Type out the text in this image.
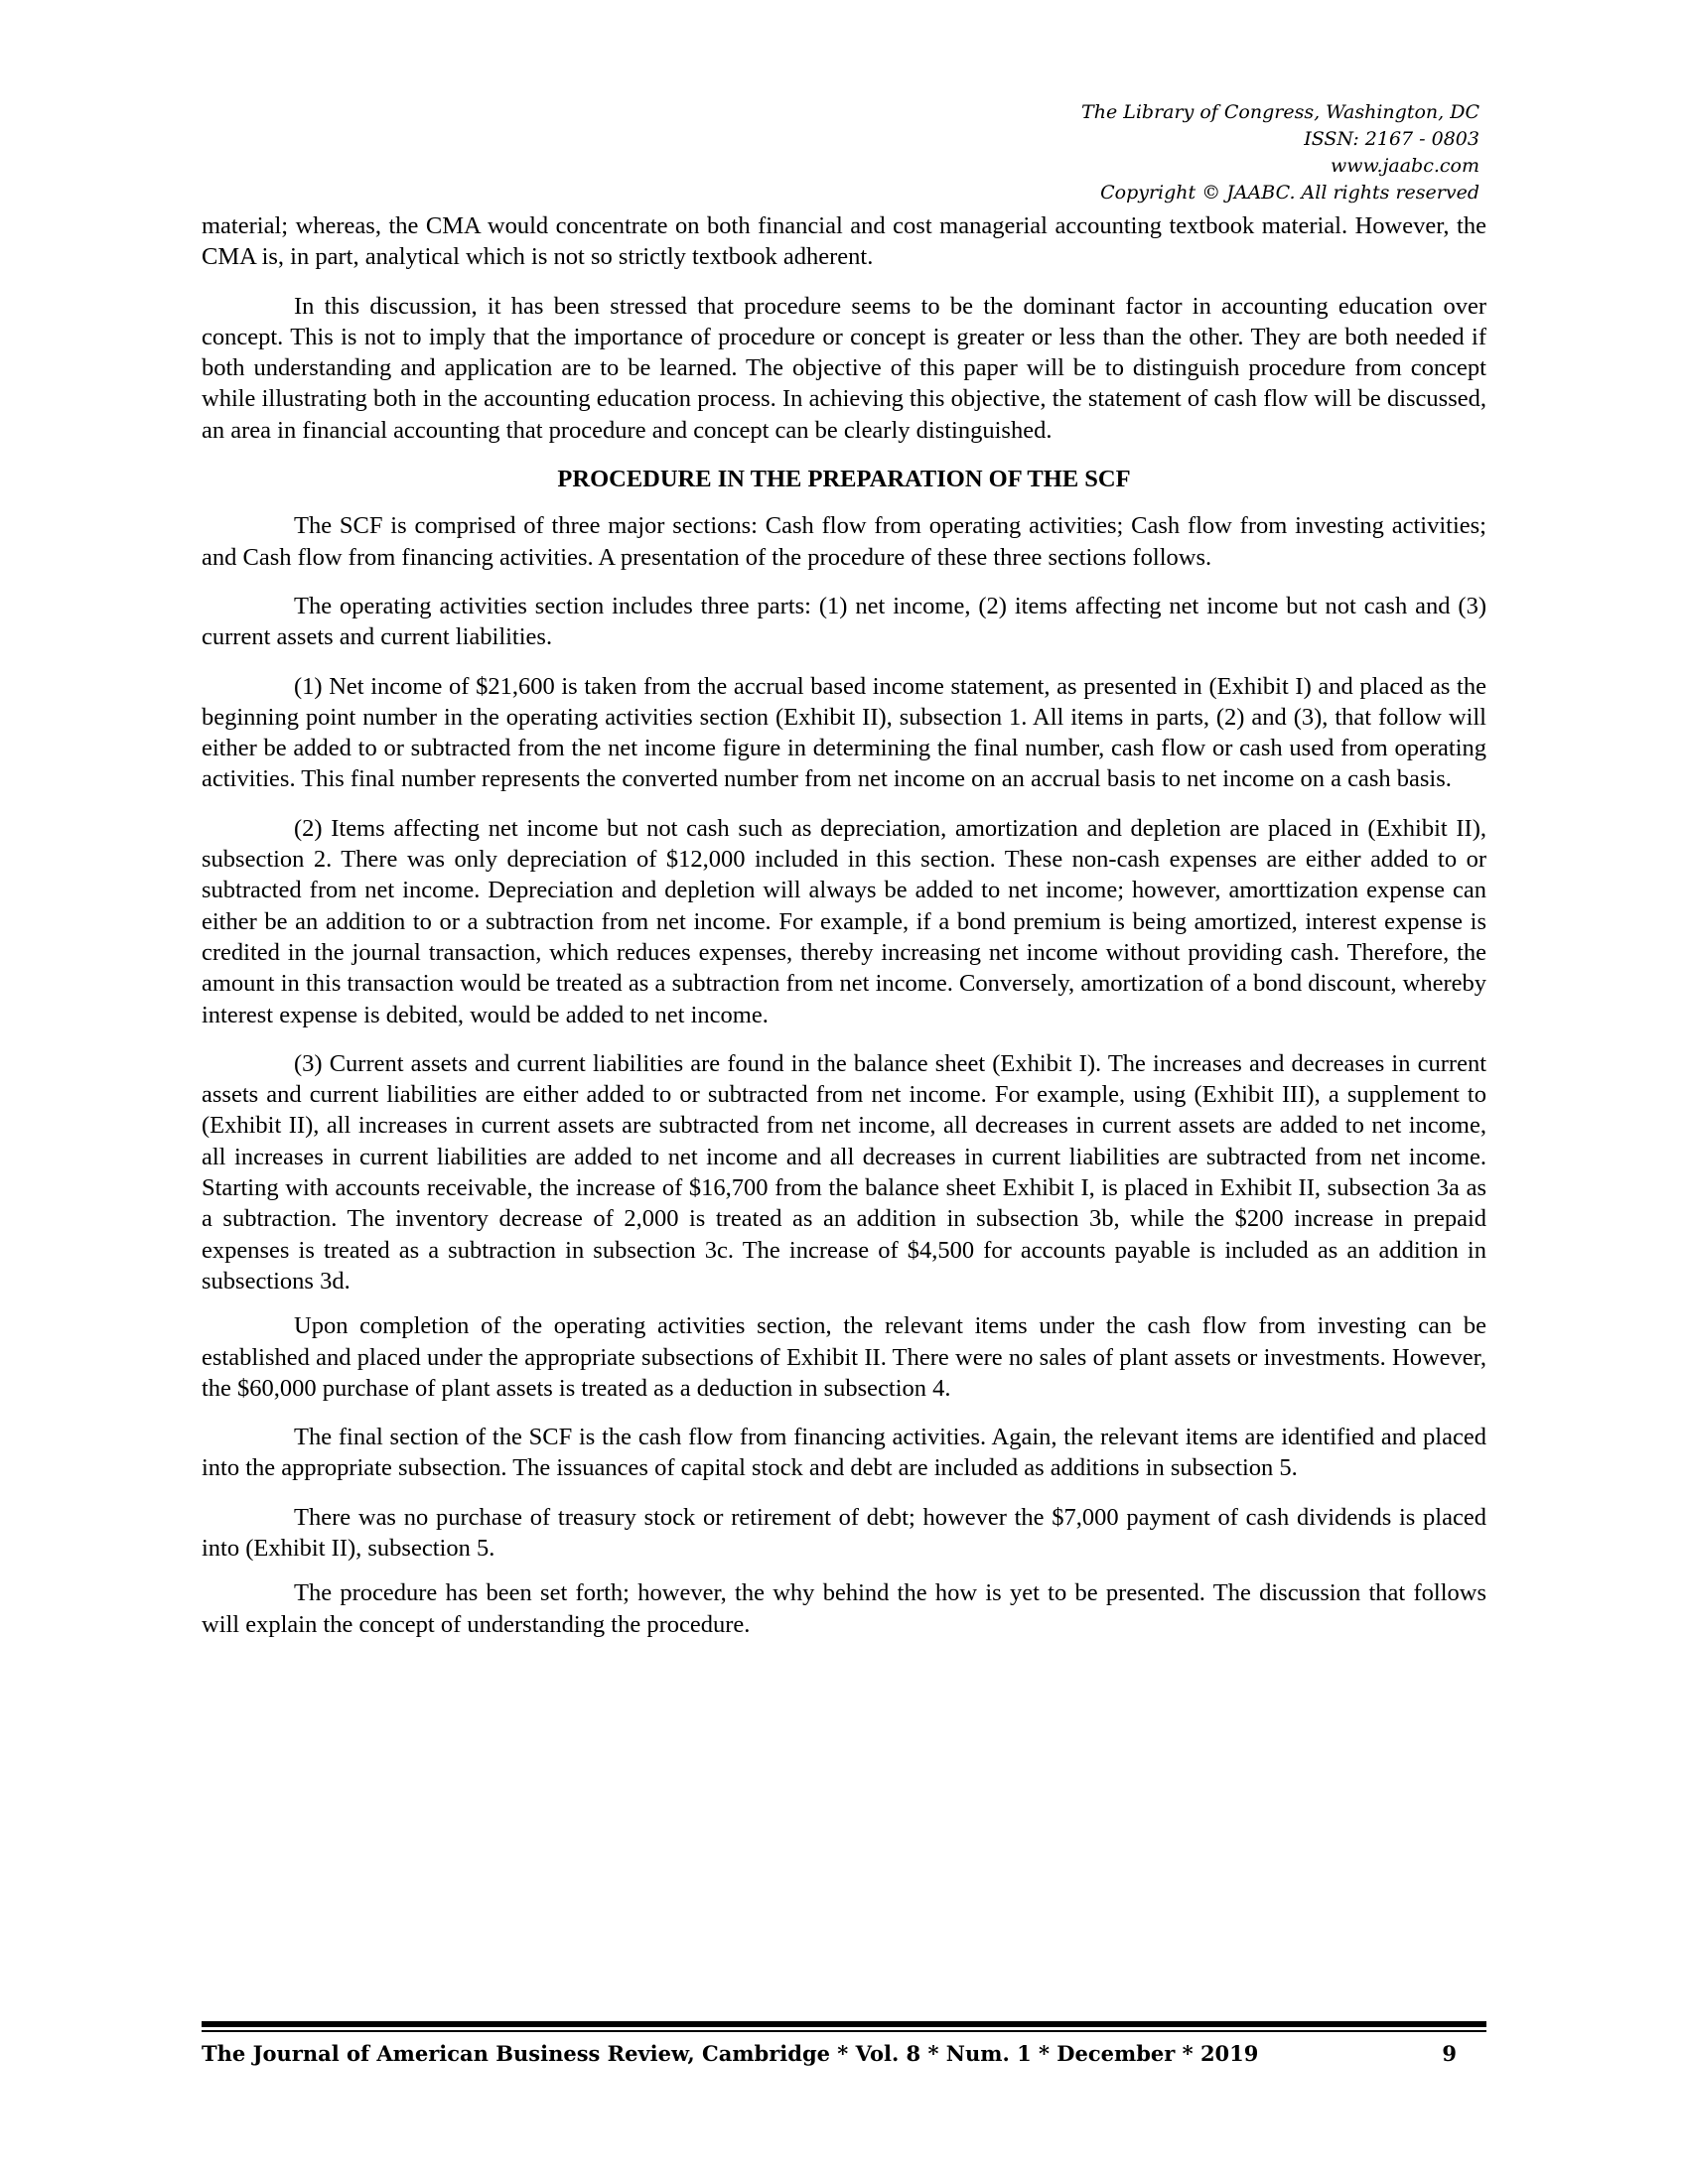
The Library of Congress, Washington, DC
ISSN: 2167 - 0803
www.jaabc.com
Copyright © JAABC. All rights reserved

material; whereas, the CMA would concentrate on both financial and cost managerial accounting textbook material. However, the CMA is, in part, analytical which is not so strictly textbook adherent.

In this discussion, it has been stressed that procedure seems to be the dominant factor in accounting education over concept. This is not to imply that the importance of procedure or concept is greater or less than the other. They are both needed if both understanding and application are to be learned. The objective of this paper will be to distinguish procedure from concept while illustrating both in the accounting education process. In achieving this objective, the statement of cash flow will be discussed, an area in financial accounting that procedure and concept can be clearly distinguished.

PROCEDURE IN THE PREPARATION OF THE SCF

The SCF is comprised of three major sections: Cash flow from operating activities; Cash flow from investing activities; and Cash flow from financing activities. A presentation of the procedure of these three sections follows.

The operating activities section includes three parts: (1) net income, (2) items affecting net income but not cash and (3) current assets and current liabilities.

(1) Net income of $21,600 is taken from the accrual based income statement, as presented in (Exhibit I) and placed as the beginning point number in the operating activities section (Exhibit II), subsection 1. All items in parts, (2) and (3), that follow will either be added to or subtracted from the net income figure in determining the final number, cash flow or cash used from operating activities. This final number represents the converted number from net income on an accrual basis to net income on a cash basis.

(2) Items affecting net income but not cash such as depreciation, amortization and depletion are placed in (Exhibit II), subsection 2. There was only depreciation of $12,000 included in this section. These non-cash expenses are either added to or subtracted from net income. Depreciation and depletion will always be added to net income; however, amorttization expense can either be an addition to or a subtraction from net income. For example, if a bond premium is being amortized, interest expense is credited in the journal transaction, which reduces expenses, thereby increasing net income without providing cash. Therefore, the amount in this transaction would be treated as a subtraction from net income. Conversely, amortization of a bond discount, whereby interest expense is debited, would be added to net income.

(3) Current assets and current liabilities are found in the balance sheet (Exhibit I). The increases and decreases in current assets and current liabilities are either added to or subtracted from net income. For example, using (Exhibit III), a supplement to (Exhibit II), all increases in current assets are subtracted from net income, all decreases in current assets are added to net income, all increases in current liabilities are added to net income and all decreases in current liabilities are subtracted from net income. Starting with accounts receivable, the increase of $16,700 from the balance sheet Exhibit I, is placed in Exhibit II, subsection 3a as a subtraction. The inventory decrease of 2,000 is treated as an addition in subsection 3b, while the $200 increase in prepaid expenses is treated as a subtraction in subsection 3c. The increase of $4,500 for accounts payable is included as an addition in subsections 3d.

Upon completion of the operating activities section, the relevant items under the cash flow from investing can be established and placed under the appropriate subsections of Exhibit II. There were no sales of plant assets or investments. However, the $60,000 purchase of plant assets is treated as a deduction in subsection 4.

The final section of the SCF is the cash flow from financing activities. Again, the relevant items are identified and placed into the appropriate subsection. The issuances of capital stock and debt are included as additions in subsection 5.

There was no purchase of treasury stock or retirement of debt; however the $7,000 payment of cash dividends is placed into (Exhibit II), subsection 5.

The procedure has been set forth; however, the why behind the how is yet to be presented. The discussion that follows will explain the concept of understanding the procedure.

The Journal of American Business Review, Cambridge * Vol. 8 * Num. 1 * December * 2019	9
